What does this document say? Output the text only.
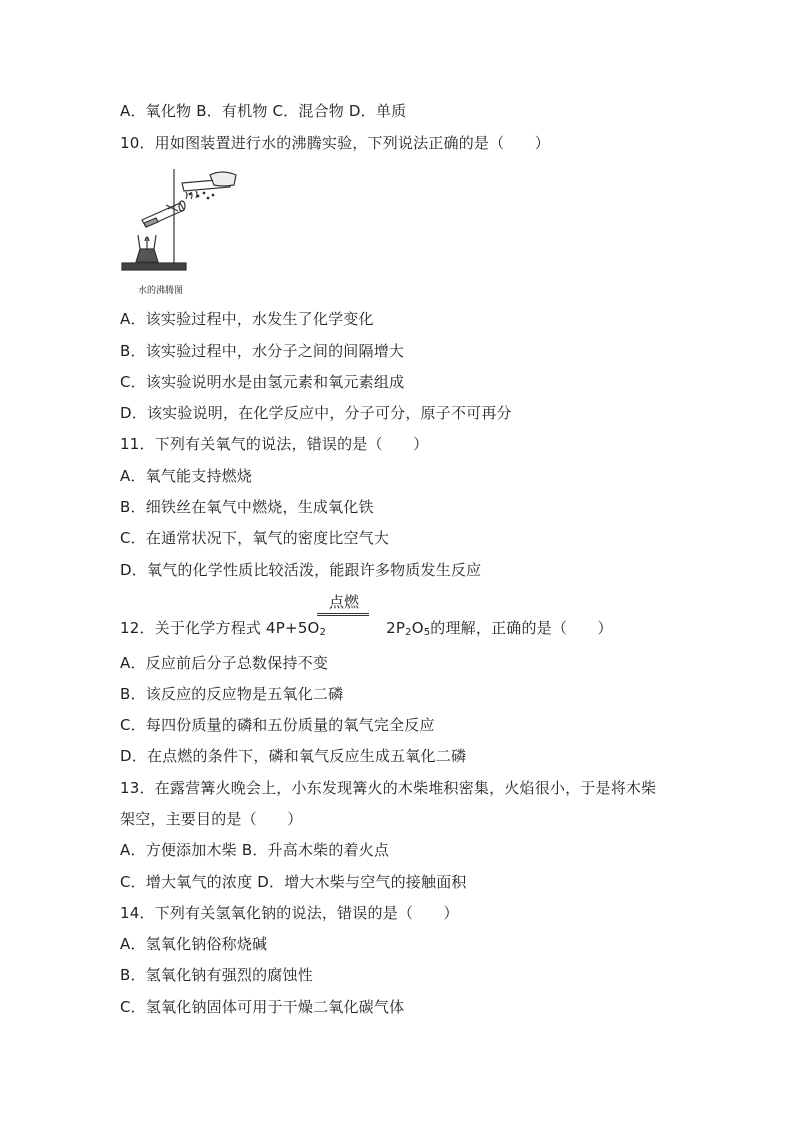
A．氧化物 B．有机物 C．混合物 D．单质
10．用如图装置进行水的沸腾实验，下列说法正确的是（　　）
水的沸腾图
A．该实验过程中，水发生了化学变化
B．该实验过程中，水分子之间的间隔增大
C．该实验说明水是由氢元素和氧元素组成
D．该实验说明，在化学反应中，分子可分，原子不可再分
11．下列有关氧气的说法，错误的是（　　）
A．氧气能支持燃烧
B．细铁丝在氧气中燃烧，生成氧化铁
C．在通常状况下，氧气的密度比空气大
D．氧气的化学性质比较活泼，能跟许多物质发生反应
点燃
12．关于化学方程式 $4P+5O_2$	$2P_2O_5$的理解，正确的是（　　）
A．反应前后分子总数保持不变
B．该反应的反应物是五氧化二磷
C．每四份质量的磷和五份质量的氧气完全反应
D．在点燃的条件下，磷和氧气反应生成五氧化二磷
13．在露营篝火晚会上，小东发现篝火的木柴堆积密集，火焰很小，于是将木柴
架空，主要目的是（　　）
A．方便添加木柴 B．升高木柴的着火点
C．增大氧气的浓度 D．增大木柴与空气的接触面积
14．下列有关氢氧化钠的说法，错误的是（　　）
A．氢氧化钠俗称烧碱
B．氢氧化钠有强烈的腐蚀性
C．氢氧化钠固体可用于干燥二氧化碳气体
